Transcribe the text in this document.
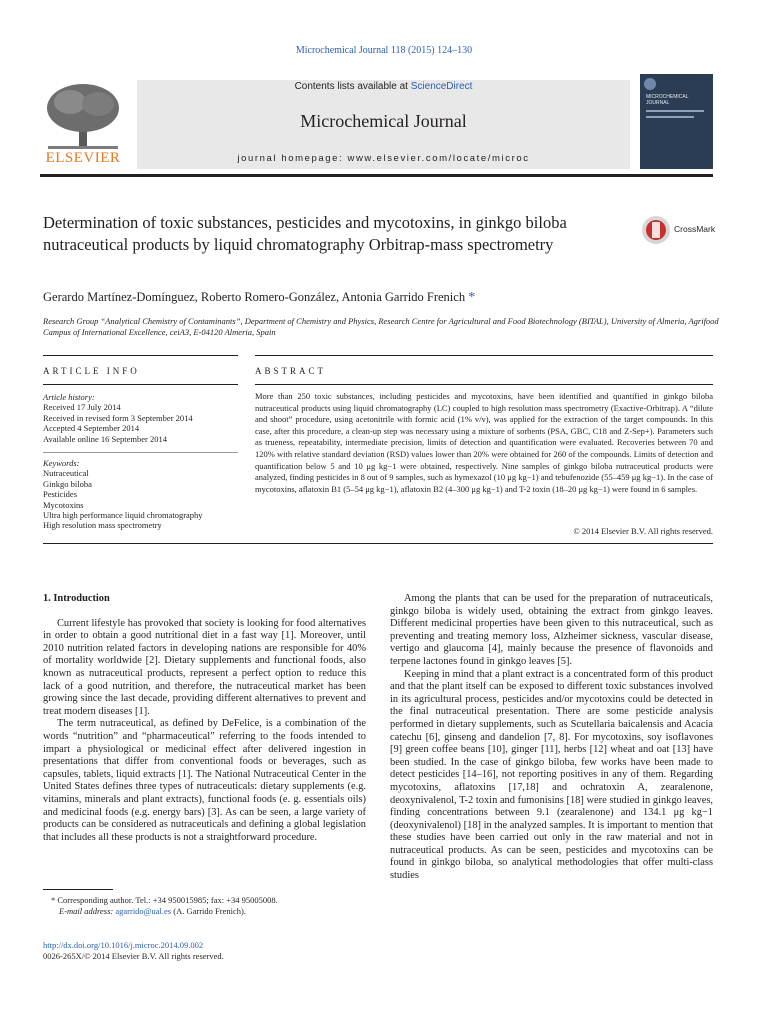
Microchemical Journal 118 (2015) 124–130
ELSEVIER
Contents lists available at ScienceDirect
Microchemical Journal
journal homepage: www.elsevier.com/locate/microc
MICROCHEMICAL JOURNAL
Determination of toxic substances, pesticides and mycotoxins, in ginkgo biloba nutraceutical products by liquid chromatography Orbitrap-mass spectrometry
CrossMark
Gerardo Martínez-Domínguez, Roberto Romero-González, Antonia Garrido Frenich *
Research Group “Analytical Chemistry of Contaminants”, Department of Chemistry and Physics, Research Centre for Agricultural and Food Biotechnology (BITAL), University of Almeria, Agrifood Campus of International Excellence, ceiA3, E-04120 Almeria, Spain
ARTICLE INFO	ABSTRACT
Article history:
Received 17 July 2014
Received in revised form 3 September 2014
Accepted 4 September 2014
Available online 16 September 2014
Keywords:
Nutraceutical
Ginkgo biloba
Pesticides
Mycotoxins
Ultra high performance liquid chromatography
High resolution mass spectrometry
More than 250 toxic substances, including pesticides and mycotoxins, have been identified and quantified in ginkgo biloba nutraceutical products using liquid chromatography (LC) coupled to high resolution mass spectrometry (Exactive-Orbitrap). A “dilute and shoot” procedure, using acetonitrile with formic acid (1% v/v), was applied for the extraction of the target compounds. In this case, after this procedure, a clean-up step was necessary using a mixture of sorbents (PSA, GBC, C18 and Z-Sep+). Parameters such as trueness, repeatability, intermediate precision, limits of detection and quantification were evaluated. Recoveries between 70 and 120% with relative standard deviation (RSD) values lower than 20% were obtained for 260 of the compounds. Limits of detection and quantification below 5 and 10 μg kg−1 were obtained, respectively. Nine samples of ginkgo biloba nutraceutical products were analyzed, finding pesticides in 8 out of 9 samples, such as hymexazol (10 μg kg−1) and tebufenozide (55–459 μg kg−1). In the case of mycotoxins, aflatoxin B1 (5–54 μg kg−1), aflatoxin B2 (4–300 μg kg−1) and T-2 toxin (18–20 μg kg−1) were found in 6 samples.
© 2014 Elsevier B.V. All rights reserved.
1. Introduction

Current lifestyle has provoked that society is looking for food alternatives in order to obtain a good nutritional diet in a fast way [1]. Moreover, until 2010 nutrition related factors in developing nations are responsible for 40% of mortality worldwide [2]. Dietary supplements and functional foods, also known as nutraceutical products, represent a perfect option to reduce this lack of a good nutrition, and therefore, the nutraceutical market has been growing since the last decade, providing different alternatives to prevent and treat modern diseases [1].

The term nutraceutical, as defined by DeFelice, is a combination of the words “nutrition” and “pharmaceutical” referring to the foods intended to impart a physiological or medicinal effect after delivered ingestion in presentations that differ from conventional foods or beverages, such as capsules, tablets, liquid extracts [1]. The National Nutraceutical Center in the United States defines three types of nutraceuticals: dietary supplements (e.g. vitamins, minerals and plant extracts), functional foods (e. g. essentials oils) and medicinal foods (e.g. energy bars) [3]. As can be seen, a large variety of products can be considered as nutraceuticals and defining a global legislation that includes all these products is not a straightforward procedure.

Among the plants that can be used for the preparation of nutraceuticals, ginkgo biloba is widely used, obtaining the extract from ginkgo leaves. Different medicinal properties have been given to this nutraceutical, such as preventing and treating memory loss, Alzheimer sickness, vascular disease, vertigo and glaucoma [4], mainly because the presence of flavonoids and terpene lactones found in ginkgo leaves [5].

Keeping in mind that a plant extract is a concentrated form of this product and that the plant itself can be exposed to different toxic substances involved in its agricultural process, pesticides and/or mycotoxins could be detected in the final nutraceutical presentation. There are some pesticide analysis performed in dietary supplements, such as Scutellaria baicalensis and Acacia catechu [6], ginseng and dandelion [7, 8]. For mycotoxins, soy isoflavones [9] green coffee beans [10], ginger [11], herbs [12] wheat and oat [13] have been studied. In the case of ginkgo biloba, few works have been made to detect pesticides [14–16], not reporting positives in any of them. Regarding mycotoxins, aflatoxins [17,18] and ochratoxin A, zearalenone, deoxynivalenol, T-2 toxin and fumonisins [18] were studied in ginkgo leaves, finding concentrations between 9.1 (zearalenone) and 134.1 μg kg−1 (deoxynivalenol) [18] in the analyzed samples. It is important to mention that these studies have been carried out only in the raw material and not in nutraceutical products. As can be seen, pesticides and mycotoxins can be found in ginkgo biloba, so analytical methodologies that offer multi-class studies

* Corresponding author. Tel.: +34 950015985; fax: +34 95005008.
E-mail address: agarrido@ual.es (A. Garrido Frenich).
http://dx.doi.org/10.1016/j.microc.2014.09.002
0026-265X/© 2014 Elsevier B.V. All rights reserved.
